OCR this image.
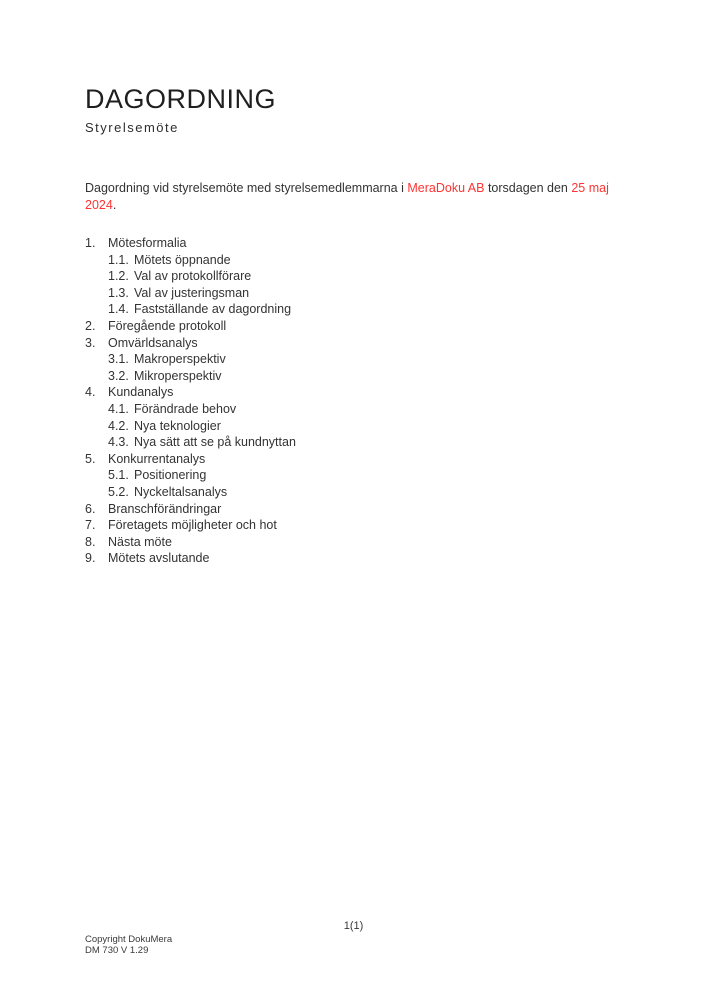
DAGORDNING
Styrelsemöte

Dagordning vid styrelsemöte med styrelsemedlemmarna i MeraDoku AB torsdagen den 25 maj 2024.

1.	Mötesformalia
1.1. Mötets öppnande
1.2. Val av protokollförare
1.3. Val av justeringsman
1.4. Fastställande av dagordning
2.	Föregående protokoll
3.	Omvärldsanalys
3.1. Makroperspektiv
3.2. Mikroperspektiv
4.	Kundanalys
4.1. Förändrade behov
4.2. Nya teknologier
4.3. Nya sätt att se på kundnyttan
5.	Konkurrentanalys
5.1. Positionering
5.2. Nyckeltalsanalys
6.	Branschförändringar
7.	Företagets möjligheter och hot
8.	Nästa möte
9.	Mötets avslutande
1(1)
Copyright DokuMera
DM 730 V 1.29
